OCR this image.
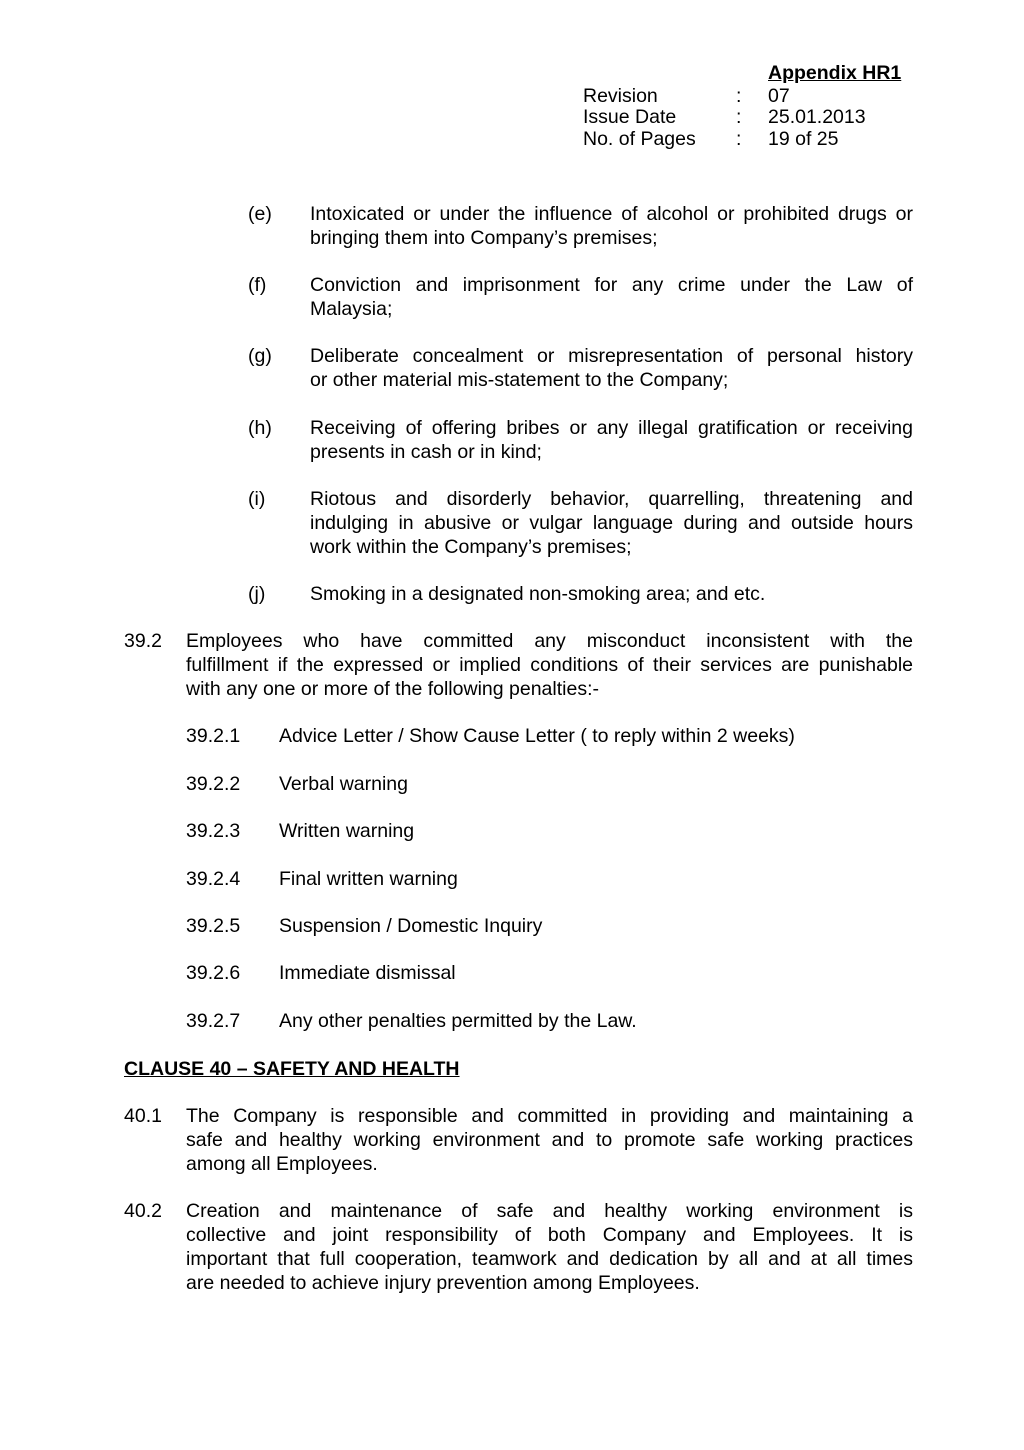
Appendix HR1
Revision	: 07
Issue Date	: 25.01.2013
No. of Pages : 19 of 25
(e) Intoxicated or under the influence of alcohol or prohibited drugs or
bringing them into Company’s premises;
(f) Conviction and imprisonment for any crime under the Law of
Malaysia;
(g) Deliberate concealment or misrepresentation of personal history
or other material mis-statement to the Company;
(h) Receiving of offering bribes or any illegal gratification or receiving
presents in cash or in kind;
(i) Riotous and disorderly behavior, quarrelling, threatening and
indulging in abusive or vulgar language during and outside hours
work within the Company’s premises;
(j) Smoking in a designated non-smoking area; and etc.
39.2 Employees who have committed any misconduct inconsistent with the
fulfillment if the expressed or implied conditions of their services are punishable
with any one or more of the following penalties:-
39.2.1 Advice Letter / Show Cause Letter ( to reply within 2 weeks)
39.2.2 Verbal warning
39.2.3 Written warning
39.2.4 Final written warning
39.2.5 Suspension / Domestic Inquiry
39.2.6 Immediate dismissal
39.2.7 Any other penalties permitted by the Law.
CLAUSE 40 – SAFETY AND HEALTH
40.1 The Company is responsible and committed in providing and maintaining a
safe and healthy working environment and to promote safe working practices
among all Employees.
40.2 Creation and maintenance of safe and healthy working environment is
collective and joint responsibility of both Company and Employees. It is
important that full cooperation, teamwork and dedication by all and at all times
are needed to achieve injury prevention among Employees.
